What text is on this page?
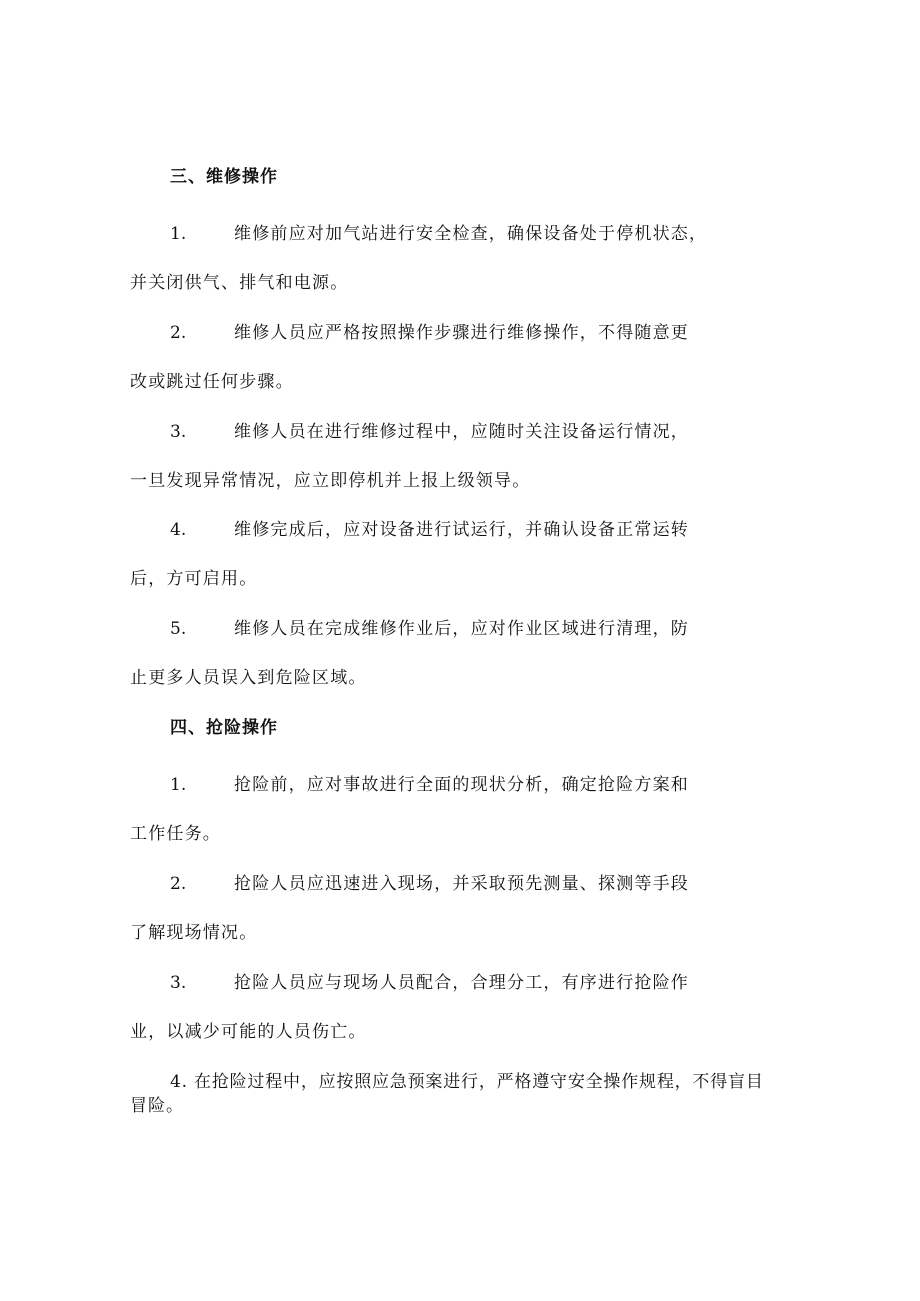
三、维修操作
1.	维修前应对加气站进行安全检查，确保设备处于停机状态，
并关闭供气、排气和电源。
2.	维修人员应严格按照操作步骤进行维修操作，不得随意更
改或跳过任何步骤。
3.	维修人员在进行维修过程中，应随时关注设备运行情况，
一旦发现异常情况，应立即停机并上报上级领导。
4.	维修完成后，应对设备进行试运行，并确认设备正常运转
后，方可启用。
5.	维修人员在完成维修作业后，应对作业区域进行清理，防
止更多人员误入到危险区域。
四、抢险操作
1.	抢险前，应对事故进行全面的现状分析，确定抢险方案和
工作任务。
2.	抢险人员应迅速进入现场，并采取预先测量、探测等手段
了解现场情况。
3.	抢险人员应与现场人员配合，合理分工，有序进行抢险作
业，以减少可能的人员伤亡。
4. 在抢险过程中，应按照应急预案进行，严格遵守安全操作规程，不得盲目
冒险。
